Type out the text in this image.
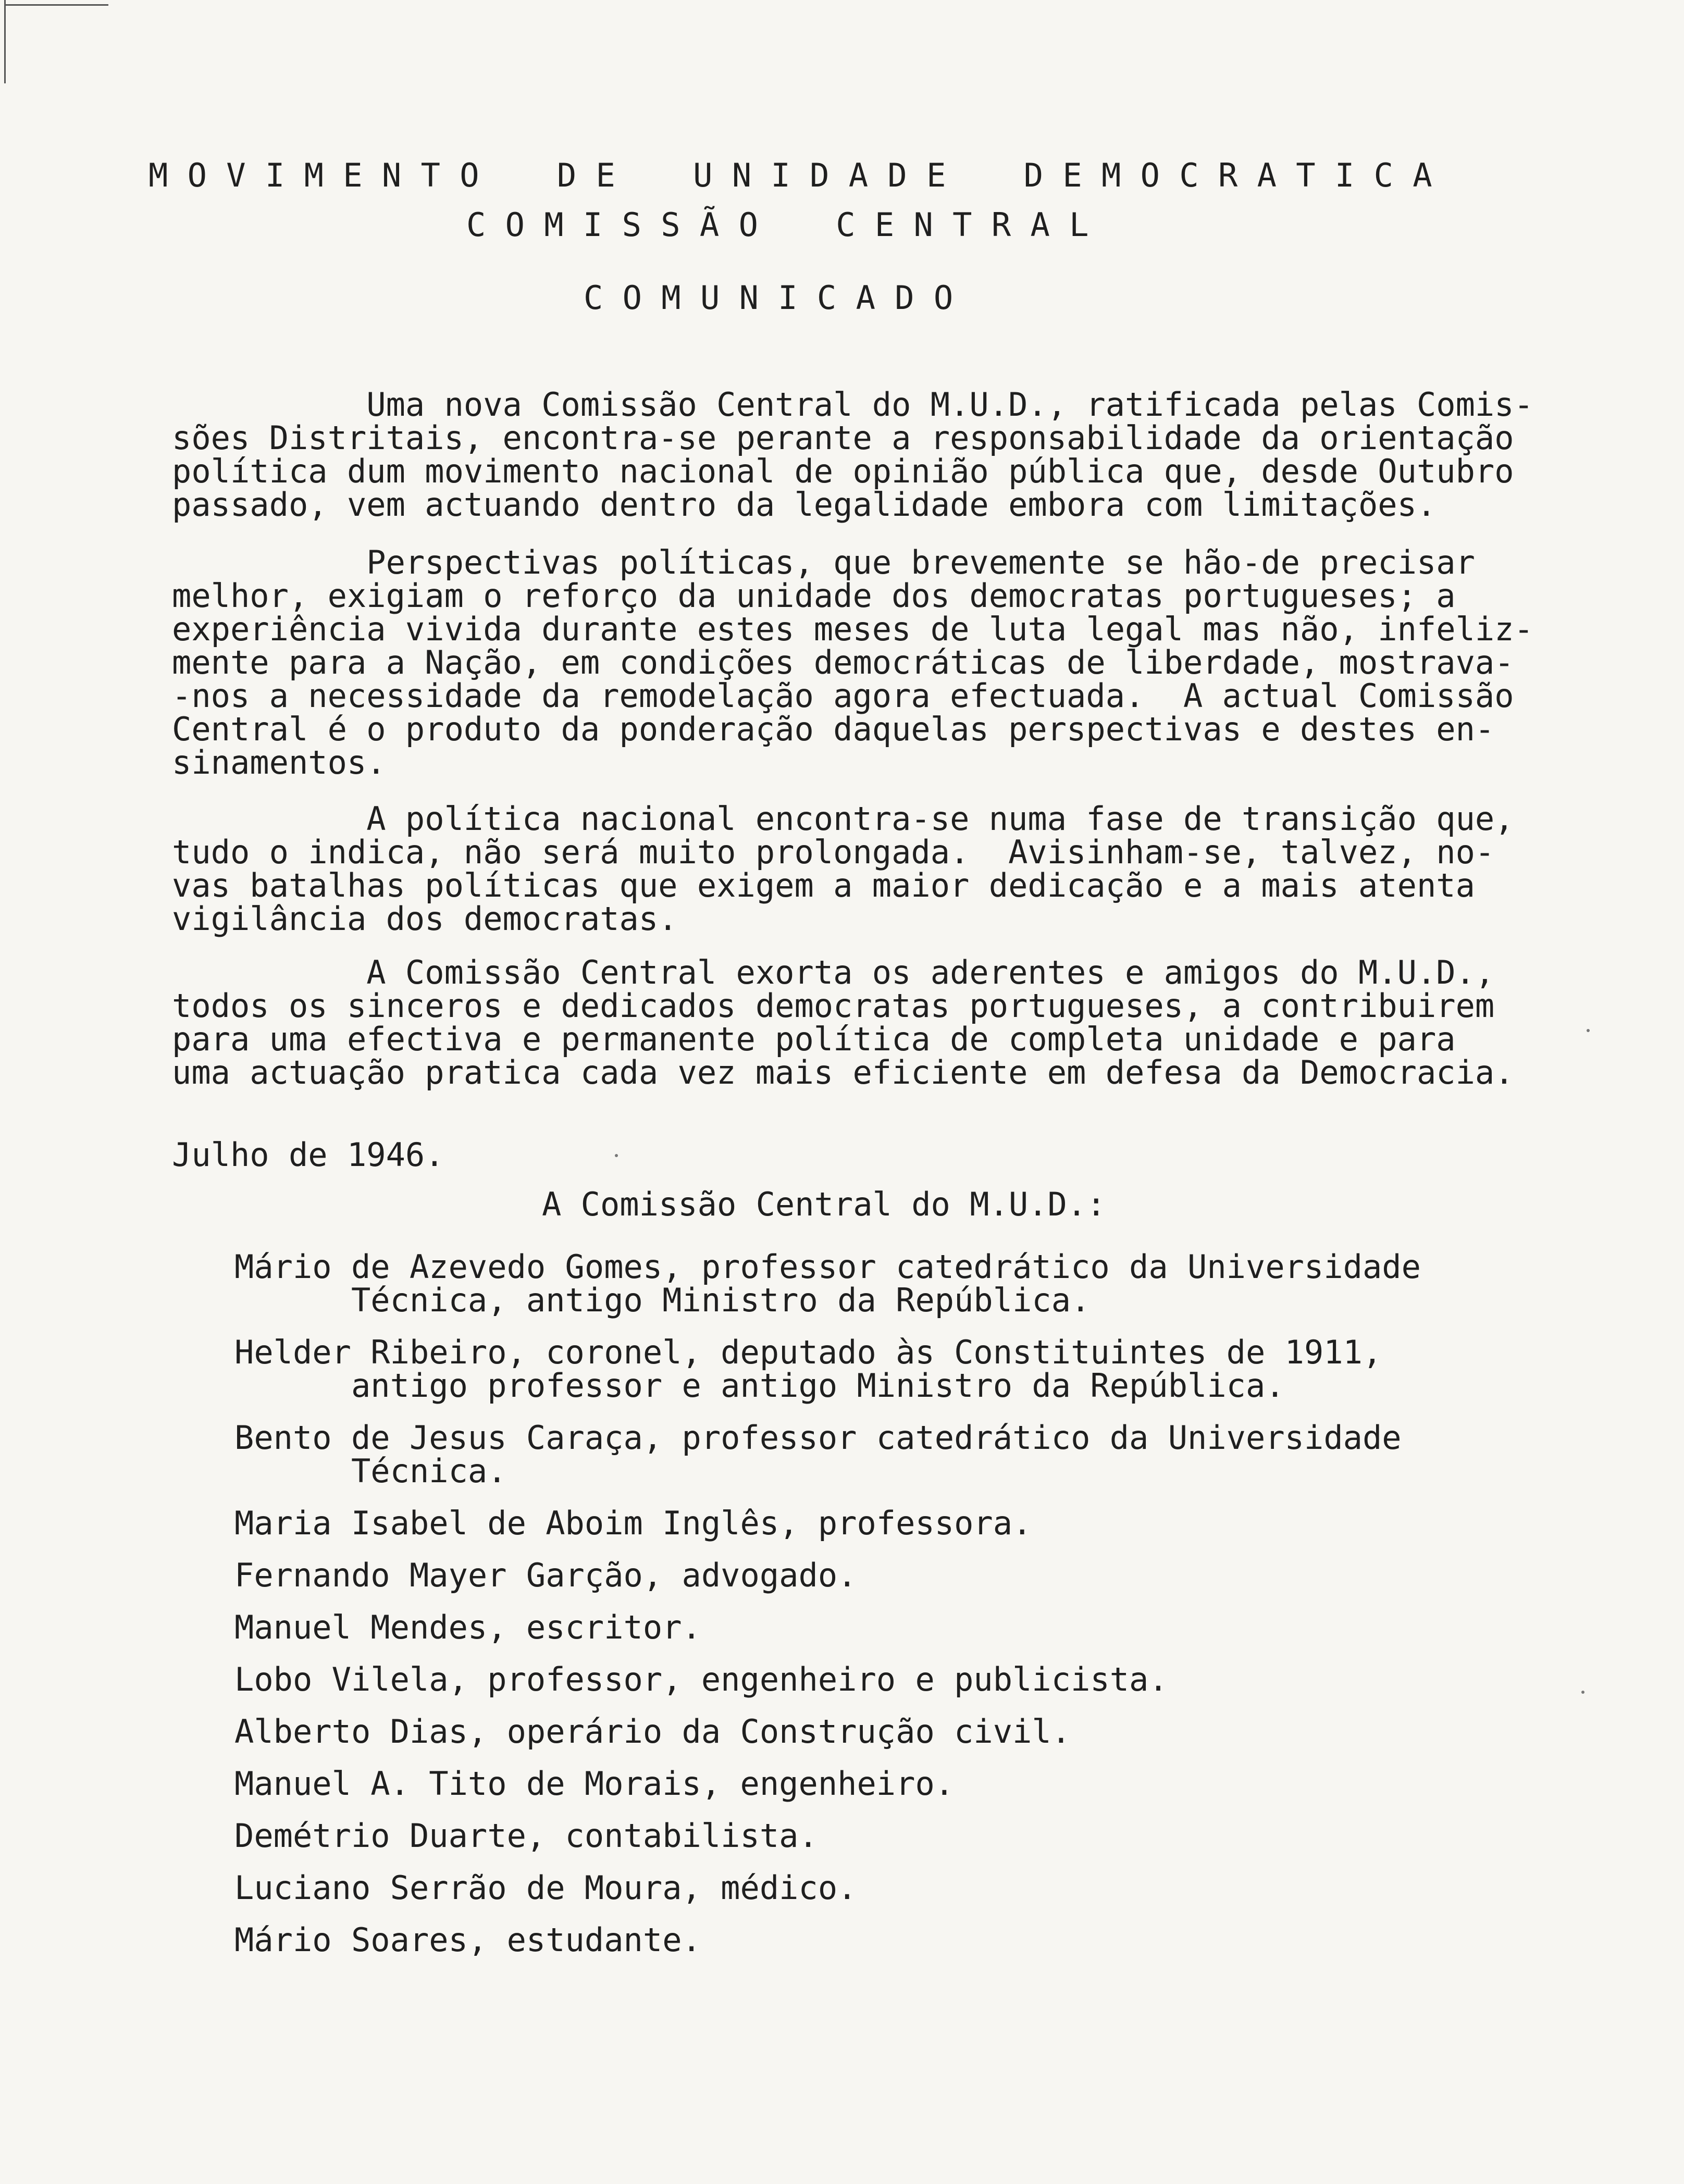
M O V I M E N T O    D E    U N I D A D E    D E M O C R A T I C A
C O M I S S Ã O    C E N T R A L
C O M U N I C A D O
Uma nova Comissão Central do M.U.D., ratificada pelas Comis-
sões Distritais, encontra-se perante a responsabilidade da orientação
política dum movimento nacional de opinião pública que, desde Outubro
passado, vem actuando dentro da legalidade embora com limitações.
Perspectivas políticas, que brevemente se hão-de precisar
melhor, exigiam o reforço da unidade dos democratas portugueses; a
experiência vivida durante estes meses de luta legal mas não, infeliz-
mente para a Nação, em condições democráticas de liberdade, mostrava-
-nos a necessidade da remodelação agora efectuada.  A actual Comissão
Central é o produto da ponderação daquelas perspectivas e destes en-
sinamentos.
A política nacional encontra-se numa fase de transição que,
tudo o indica, não será muito prolongada.  Avisinham-se, talvez, no-
vas batalhas políticas que exigem a maior dedicação e a mais atenta
vigilância dos democratas.
A Comissão Central exorta os aderentes e amigos do M.U.D.,
todos os sinceros e dedicados democratas portugueses, a contribuirem
para uma efectiva e permanente política de completa unidade e para
uma actuação pratica cada vez mais eficiente em defesa da Democracia.
Julho de 1946.
A Comissão Central do M.U.D.:
Mário de Azevedo Gomes, professor catedrático da Universidade
Técnica, antigo Ministro da República.
Helder Ribeiro, coronel, deputado às Constituintes de 1911,
antigo professor e antigo Ministro da República.
Bento de Jesus Caraça, professor catedrático da Universidade
Técnica.
Maria Isabel de Aboim Inglês, professora.
Fernando Mayer Garção, advogado.
Manuel Mendes, escritor.
Lobo Vilela, professor, engenheiro e publicista.
Alberto Dias, operário da Construção civil.
Manuel A. Tito de Morais, engenheiro.
Demétrio Duarte, contabilista.
Luciano Serrão de Moura, médico.
Mário Soares, estudante.
